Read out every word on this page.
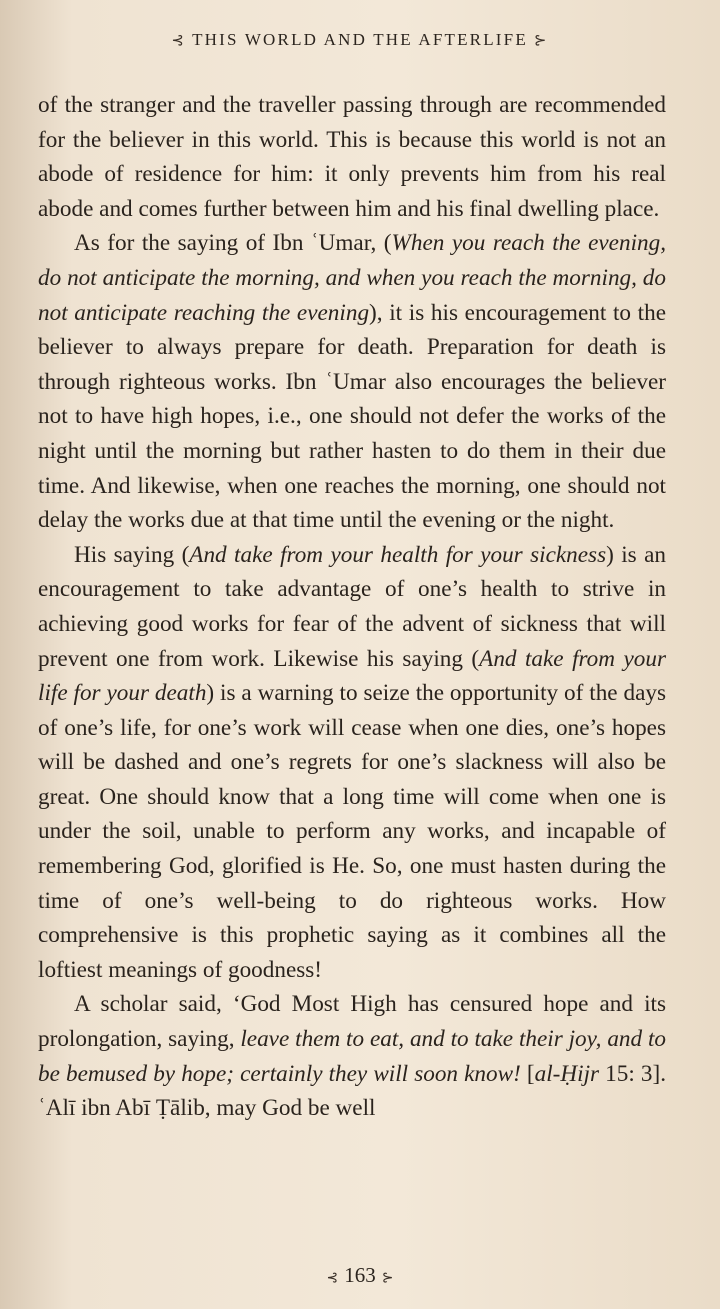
⊰ THIS WORLD AND THE AFTERLIFE ⊱

of the stranger and the traveller passing through are recommended for the believer in this world. This is because this world is not an abode of residence for him: it only prevents him from his real abode and comes further between him and his final dwelling place.

As for the saying of Ibn ʿUmar, (When you reach the evening, do not anticipate the morning, and when you reach the morning, do not anticipate reaching the evening), it is his encouragement to the believer to always prepare for death. Preparation for death is through righteous works. Ibn ʿUmar also encourages the believer not to have high hopes, i.e., one should not defer the works of the night until the morning but rather hasten to do them in their due time. And likewise, when one reaches the morning, one should not delay the works due at that time until the evening or the night.

His saying (And take from your health for your sickness) is an encouragement to take advantage of one’s health to strive in achieving good works for fear of the advent of sickness that will prevent one from work. Likewise his saying (And take from your life for your death) is a warning to seize the opportunity of the days of one’s life, for one’s work will cease when one dies, one’s hopes will be dashed and one’s regrets for one’s slackness will also be great. One should know that a long time will come when one is under the soil, unable to perform any works, and incapable of remembering God, glorified is He. So, one must hasten during the time of one’s well-being to do righteous works. How comprehensive is this prophetic saying as it combines all the loftiest meanings of goodness!

A scholar said, ‘God Most High has censured hope and its prolongation, saying, leave them to eat, and to take their joy, and to be bemused by hope; certainly they will soon know! [al-Ḥijr 15: 3]. ʿAlī ibn Abī Ṭālib, may God be well

⊰ 163 ⊱
